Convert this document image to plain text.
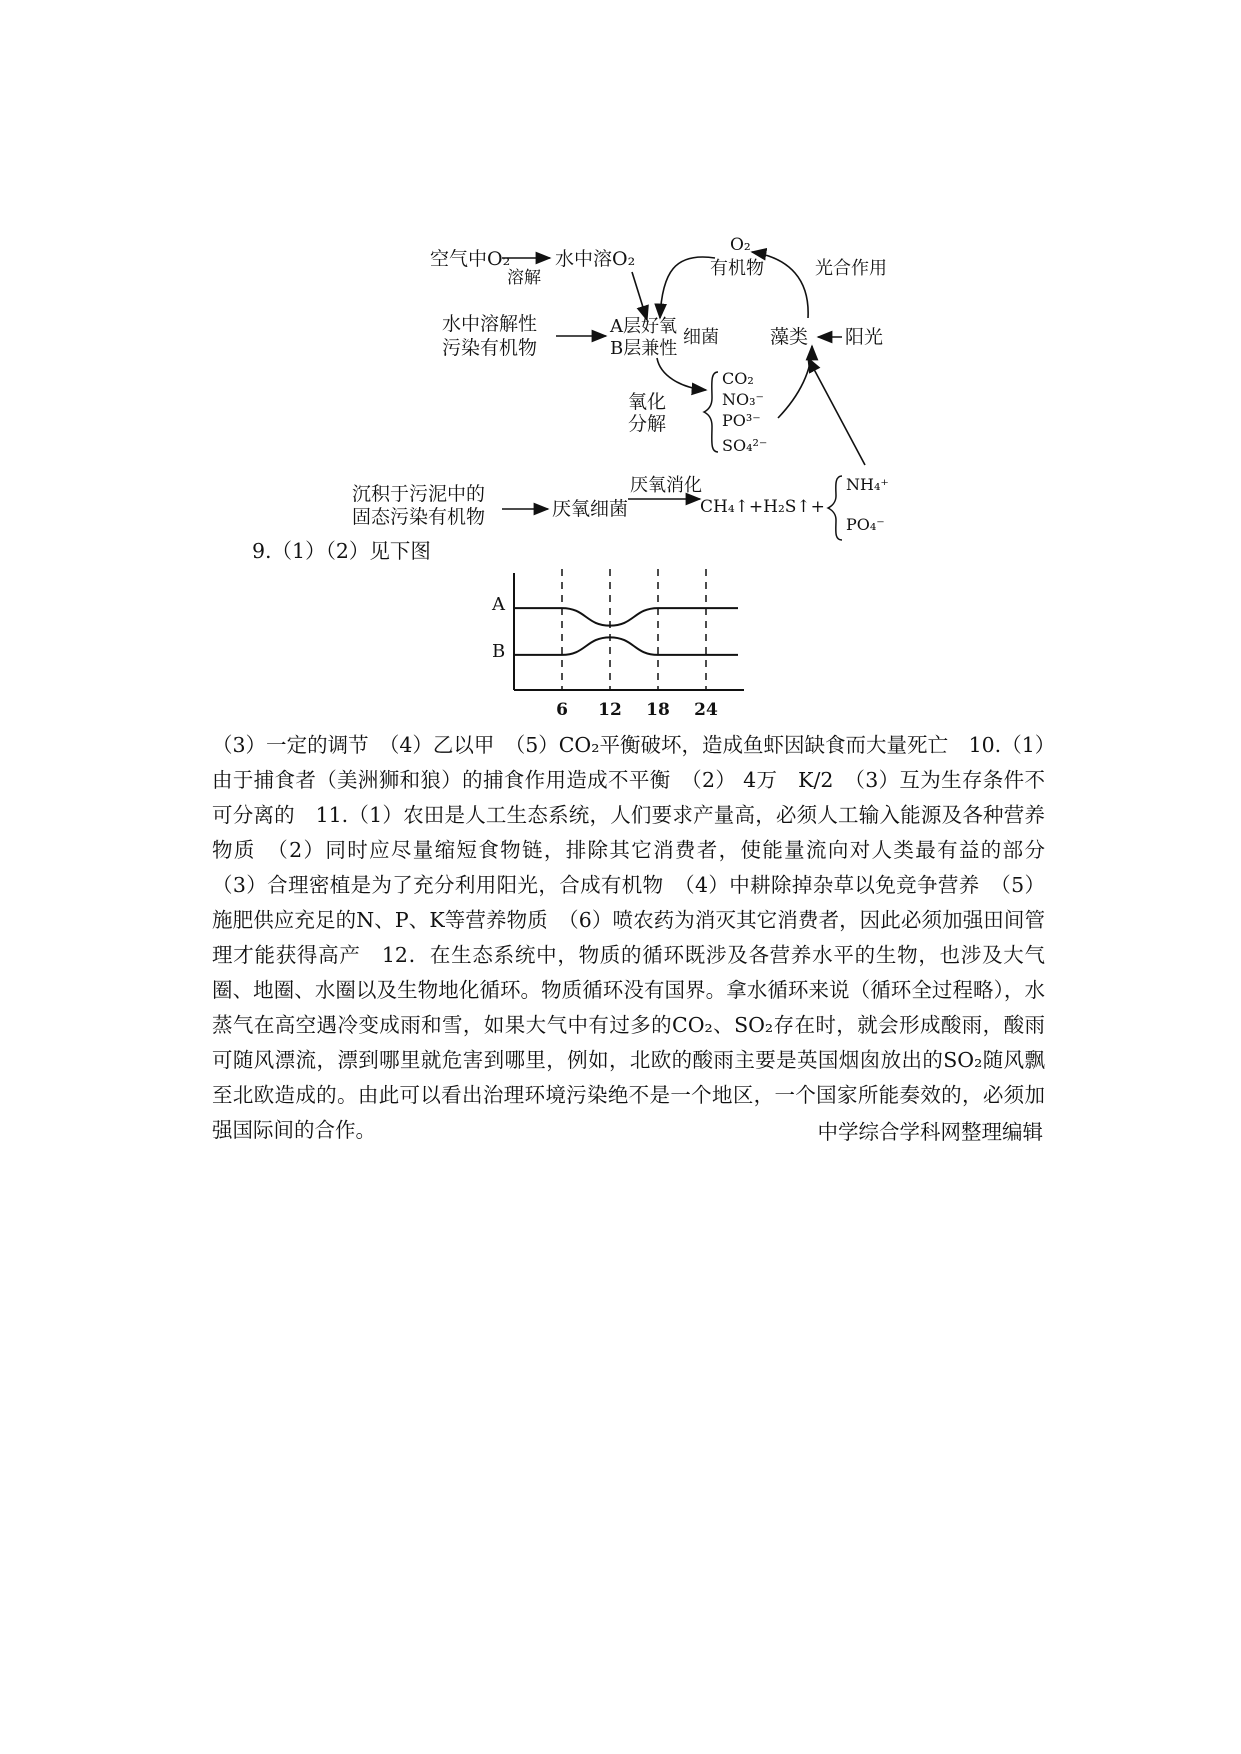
空气中O₂
溶解
水中溶O₂
O₂
有机物	光合作用
水中溶解性
污染有机物
A层好氧
B层兼性
细菌	藻类 阳光
氧化
分解
CO₂
NO₃⁻
PO³⁻
SO₄²⁻
沉积于污泥中的
固态污染有机物	厌氧细菌
厌氧消化
CH₄↑+H₂S↑+
NH₄⁺
PO₄⁻
9.（1）（2）见下图
6 12 18 24
A
B

（3）一定的调节　（4）乙以甲　（5）CO₂平衡破坏，造成鱼虾因缺食而大量死亡　10.（1）由于捕食者（美洲狮和狼）的捕食作用造成不平衡　（2） 4万　K/2　（3）互为生存条件不可分离的　11.（1）农田是人工生态系统，人们要求产量高，必须人工输入能源及各种营养物质　（2）同时应尽量缩短食物链，排除其它消费者，使能量流向对人类最有益的部分　（3）合理密植是为了充分利用阳光，合成有机物　（4）中耕除掉杂草以免竞争营养　（5）施肥供应充足的N、P、K等营养物质　（6）喷农药为消灭其它消费者，因此必须加强田间管理才能获得高产　12．在生态系统中，物质的循环既涉及各营养水平的生物，也涉及大气圈、地圈、水圈以及生物地化循环。物质循环没有国界。拿水循环来说（循环全过程略），水蒸气在高空遇冷变成雨和雪，如果大气中有过多的CO₂、SO₂存在时，就会形成酸雨，酸雨可随风漂流，漂到哪里就危害到哪里，例如，北欧的酸雨主要是英国烟囱放出的SO₂随风飘至北欧造成的。由此可以看出治理环境污染绝不是一个地区，一个国家所能奏效的，必须加强国际间的合作。	中学综合学科网整理编辑
